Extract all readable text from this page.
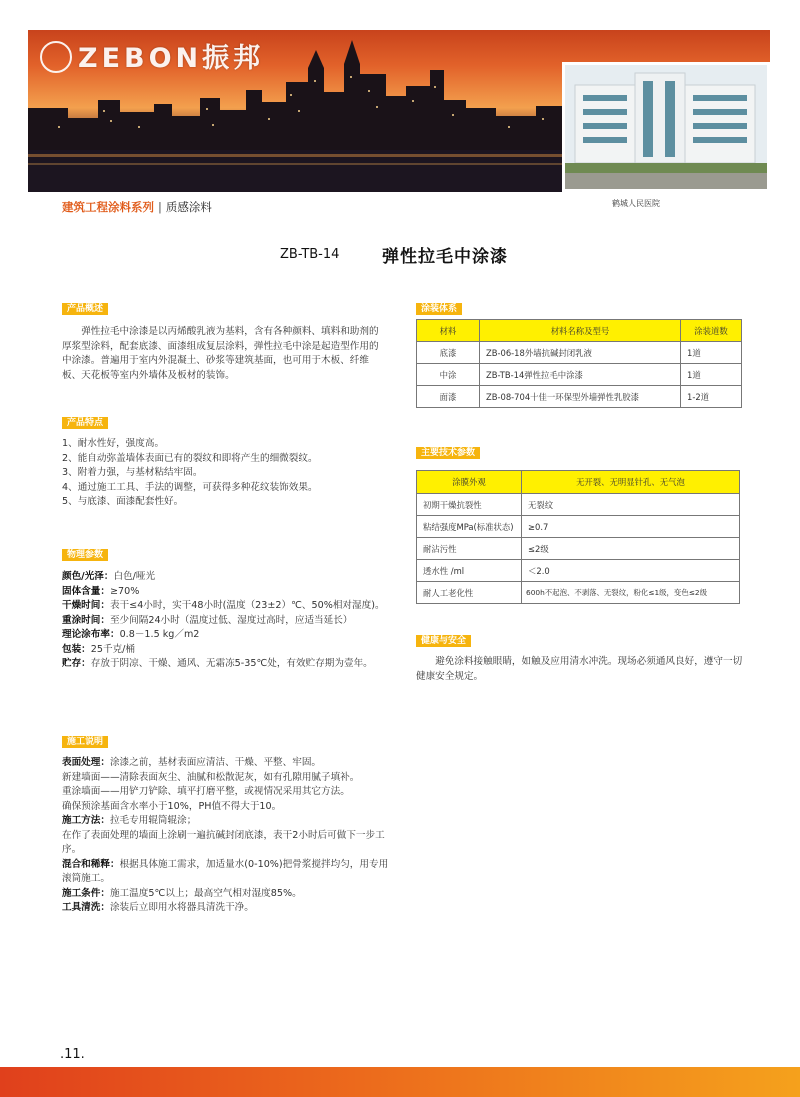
ZEBON振邦
鹤城人民医院
建筑工程涂料系列 | 质感涂料
ZB-TB-14	弹性拉毛中涂漆
产品概述
弹性拉毛中涂漆是以丙烯酸乳液为基料，含有各种颜料、填料和助剂的厚浆型涂料，配套底漆、面漆组成复层涂料，弹性拉毛中涂是起造型作用的中涂漆。普遍用于室内外混凝土、砂浆等建筑基面，也可用于木板、纤维板、天花板等室内外墙体及板材的装饰。
产品特点
1、耐水性好，强度高。
2、能自动弥盖墙体表面已有的裂纹和即将产生的细微裂纹。
3、附着力强，与基材粘结牢固。
4、通过施工工具、手法的调整，可获得多种花纹装饰效果。
5、与底漆、面漆配套性好。
物理参数
颜色/光泽：白色/哑光
固体含量：≥70%
干燥时间：表干≤4小时，实干48小时(温度（23±2）℃、50%相对湿度)。
重涂时间：至少间隔24小时（温度过低、湿度过高时，应适当延长）
理论涂布率：0.8－1.5 kg／m2
包装：25千克/桶
贮存：存放于阴凉、干燥、通风、无霜冻5-35℃处，有效贮存期为壹年。
施工说明
表面处理：涂漆之前，基材表面应清洁、干燥、平整、牢固。
新建墙面——清除表面灰尘、油腻和松散泥灰，如有孔隙用腻子填补。
重涂墙面——用铲刀铲除、填平打磨平整，或视情况采用其它方法。
确保预涂基面含水率小于10%，PH值不得大于10。
施工方法：拉毛专用辊筒辊涂；
在作了表面处理的墙面上涂刷一遍抗碱封闭底漆，表干2小时后可做下一步工序。
混合和稀释：根据具体施工需求，加适量水(0-10%)把骨浆搅拌均匀，用专用滚筒施工。
施工条件：施工温度5℃以上；最高空气相对湿度85%。
工具清洗：涂装后立即用水将器具清洗干净。
涂装体系
材料	材料名称及型号	涂装道数
底漆	ZB-06-18外墙抗碱封闭乳液	1道
中涂	ZB-TB-14弹性拉毛中涂漆	1道
面漆	ZB-08-704十佳一环保型外墙弹性乳胶漆	1-2道
主要技术参数
涂膜外观	无开裂、无明显针孔、无气泡
初期干燥抗裂性	无裂纹
粘结强度MPa(标准状态)	≥0.7
耐沾污性	≤2级
透水性 /ml	＜2.0
耐人工老化性	600h不起泡、不剥落、无裂纹，粉化≤1级，变色≤2级
健康与安全
避免涂料接触眼睛，如触及应用清水冲洗。现场必须通风良好，遵守一切健康安全规定。
.11.
